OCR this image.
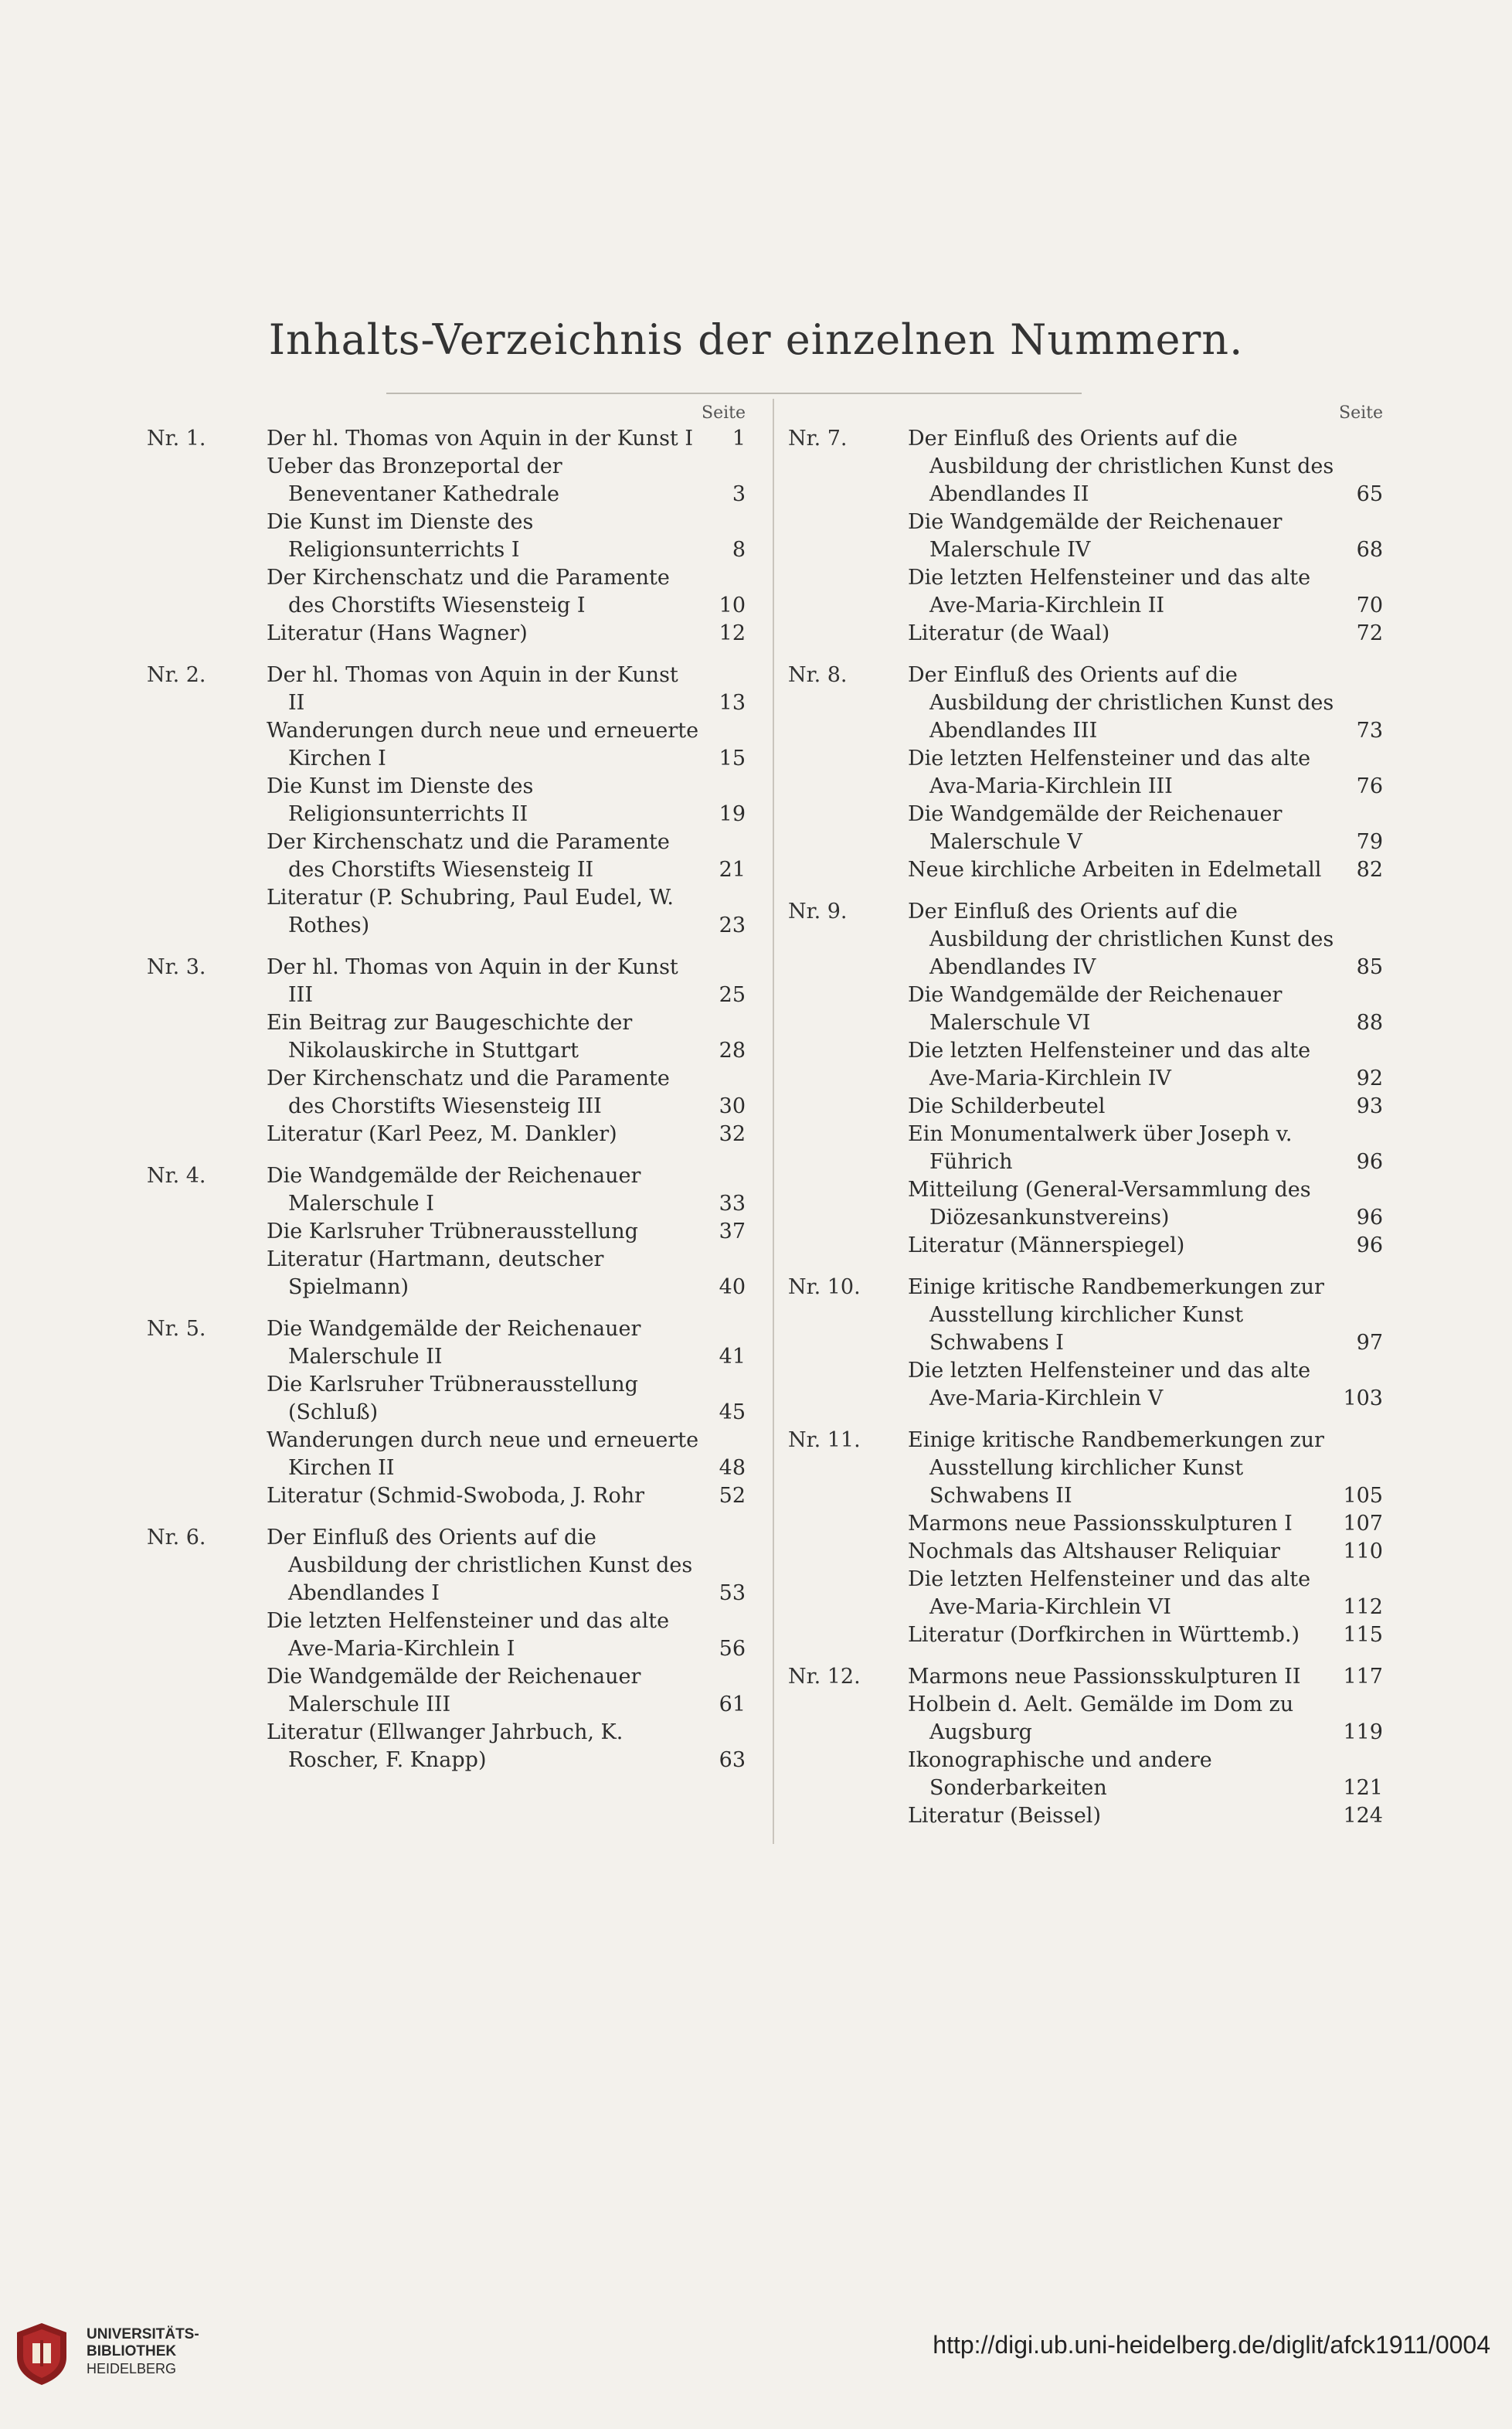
Inhalts-Verzeichnis der einzelnen Nummern.
Seite
Nr. 1.	Der hl. Thomas von Aquin in der Kunst I	1
Ueber das Bronzeportal der Beneventaner Kathedrale	3
Die Kunst im Dienste des Religionsunterrichts I	8
Der Kirchenschatz und die Paramente des Chorstifts Wiesensteig I	10
Literatur (Hans Wagner)	12
Nr. 2.	Der hl. Thomas von Aquin in der Kunst II	13
Wanderungen durch neue und erneuerte Kirchen I	15
Die Kunst im Dienste des Religionsunterrichts II	19
Der Kirchenschatz und die Paramente des Chorstifts Wiesensteig II	21
Literatur (P. Schubring, Paul Eudel, W. Rothes)	23
Nr. 3.	Der hl. Thomas von Aquin in der Kunst III	25
Ein Beitrag zur Baugeschichte der Nikolauskirche in Stuttgart	28
Der Kirchenschatz und die Paramente des Chorstifts Wiesensteig III	30
Literatur (Karl Peez, M. Dankler)	32
Nr. 4.	Die Wandgemälde der Reichenauer Malerschule I	33
Die Karlsruher Trübnerausstellung	37
Literatur (Hartmann, deutscher Spielmann)	40
Nr. 5.	Die Wandgemälde der Reichenauer Malerschule II	41
Die Karlsruher Trübnerausstellung (Schluß)	45
Wanderungen durch neue und erneuerte Kirchen II	48
Literatur (Schmid-Swoboda, J. Rohr	52
Nr. 6.	Der Einfluß des Orients auf die Ausbildung der christlichen Kunst des Abendlandes I	53
Die letzten Helfensteiner und das alte Ave-Maria-Kirchlein I	56
Die Wandgemälde der Reichenauer Malerschule III	61
Literatur (Ellwanger Jahrbuch, K. Roscher, F. Knapp)	63
Seite
Nr. 7.	Der Einfluß des Orients auf die Ausbildung der christlichen Kunst des Abendlandes II	65
Die Wandgemälde der Reichenauer Malerschule IV	68
Die letzten Helfensteiner und das alte Ave-Maria-Kirchlein II	70
Literatur (de Waal)	72
Nr. 8.	Der Einfluß des Orients auf die Ausbildung der christlichen Kunst des Abendlandes III	73
Die letzten Helfensteiner und das alte Ava-Maria-Kirchlein III	76
Die Wandgemälde der Reichenauer Malerschule V	79
Neue kirchliche Arbeiten in Edelmetall	82
Nr. 9.	Der Einfluß des Orients auf die Ausbildung der christlichen Kunst des Abendlandes IV	85
Die Wandgemälde der Reichenauer Malerschule VI	88
Die letzten Helfensteiner und das alte Ave-Maria-Kirchlein IV	92
Die Schilderbeutel	93
Ein Monumentalwerk über Joseph v. Führich	96
Mitteilung (General-Versammlung des Diözesankunstvereins)	96
Literatur (Männerspiegel)	96
Nr. 10.	Einige kritische Randbemerkungen zur Ausstellung kirchlicher Kunst Schwabens I	97
Die letzten Helfensteiner und das alte Ave-Maria-Kirchlein V	103
Nr. 11.	Einige kritische Randbemerkungen zur Ausstellung kirchlicher Kunst Schwabens II	105
Marmons neue Passionsskulpturen I	107
Nochmals das Altshauser Reliquiar	110
Die letzten Helfensteiner und das alte Ave-Maria-Kirchlein VI	112
Literatur (Dorfkirchen in Württemb.)	115
Nr. 12.	Marmons neue Passionsskulpturen II	117
Holbein d. Aelt. Gemälde im Dom zu Augsburg	119
Ikonographische und andere Sonderbarkeiten	121
Literatur (Beissel)	124
UNIVERSITÄTS-
BIBLIOTHEK
HEIDELBERG
http://digi.ub.uni-heidelberg.de/diglit/afck1911/0004
